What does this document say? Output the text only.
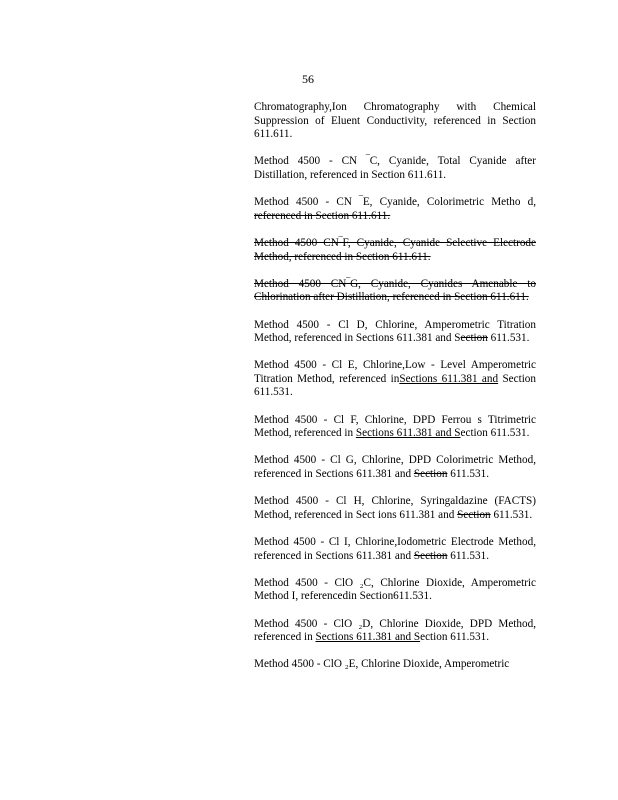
56

Chromatography,Ion Chromatography with Chemical Suppression of Eluent Conductivity, referenced in Section 611.611.

Method 4500 - CN ‾C, Cyanide, Total Cyanide after Distillation, referenced in Section 611.611.

Method 4500 - CN ‾E, Cyanide, Colorimetric Metho d, referenced in Section 611.611.

Method 4500 CN‾F, Cyanide, Cyanide Selective Electrode Method, referenced in Section 611.611.

Method 4500 CN‾G, Cyanide, Cyanides Amenable to Chlorination after Distillation, referenced in Section 611.611.

Method 4500 - Cl D, Chlorine, Amperometric Titration Method, referenced in Sections 611.381 and Section 611.531.

Method 4500 - Cl E, Chlorine,Low - Level Amperometric Titration Method, referenced inSections 611.381 and Section 611.531.

Method 4500 - Cl F, Chlorine, DPD Ferrou s Titrimetric Method, referenced in Sections 611.381 and Section 611.531.

Method 4500 - Cl G, Chlorine, DPD Colorimetric Method, referenced in Sections 611.381 and Section 611.531.

Method 4500 - Cl H, Chlorine, Syringaldazine (FACTS) Method, referenced in Sect ions 611.381 and Section 611.531.

Method 4500 - Cl I, Chlorine,Iodometric Electrode Method, referenced in Sections 611.381 and Section 611.531.

Method 4500 - ClO ₂C, Chlorine Dioxide, Amperometric Method I, referencedin Section611.531.

Method 4500 - ClO ₂D, Chlorine Dioxide, DPD Method, referenced in Sections 611.381 and Section 611.531.

Method 4500 - ClO ₂E, Chlorine Dioxide, Amperometric
